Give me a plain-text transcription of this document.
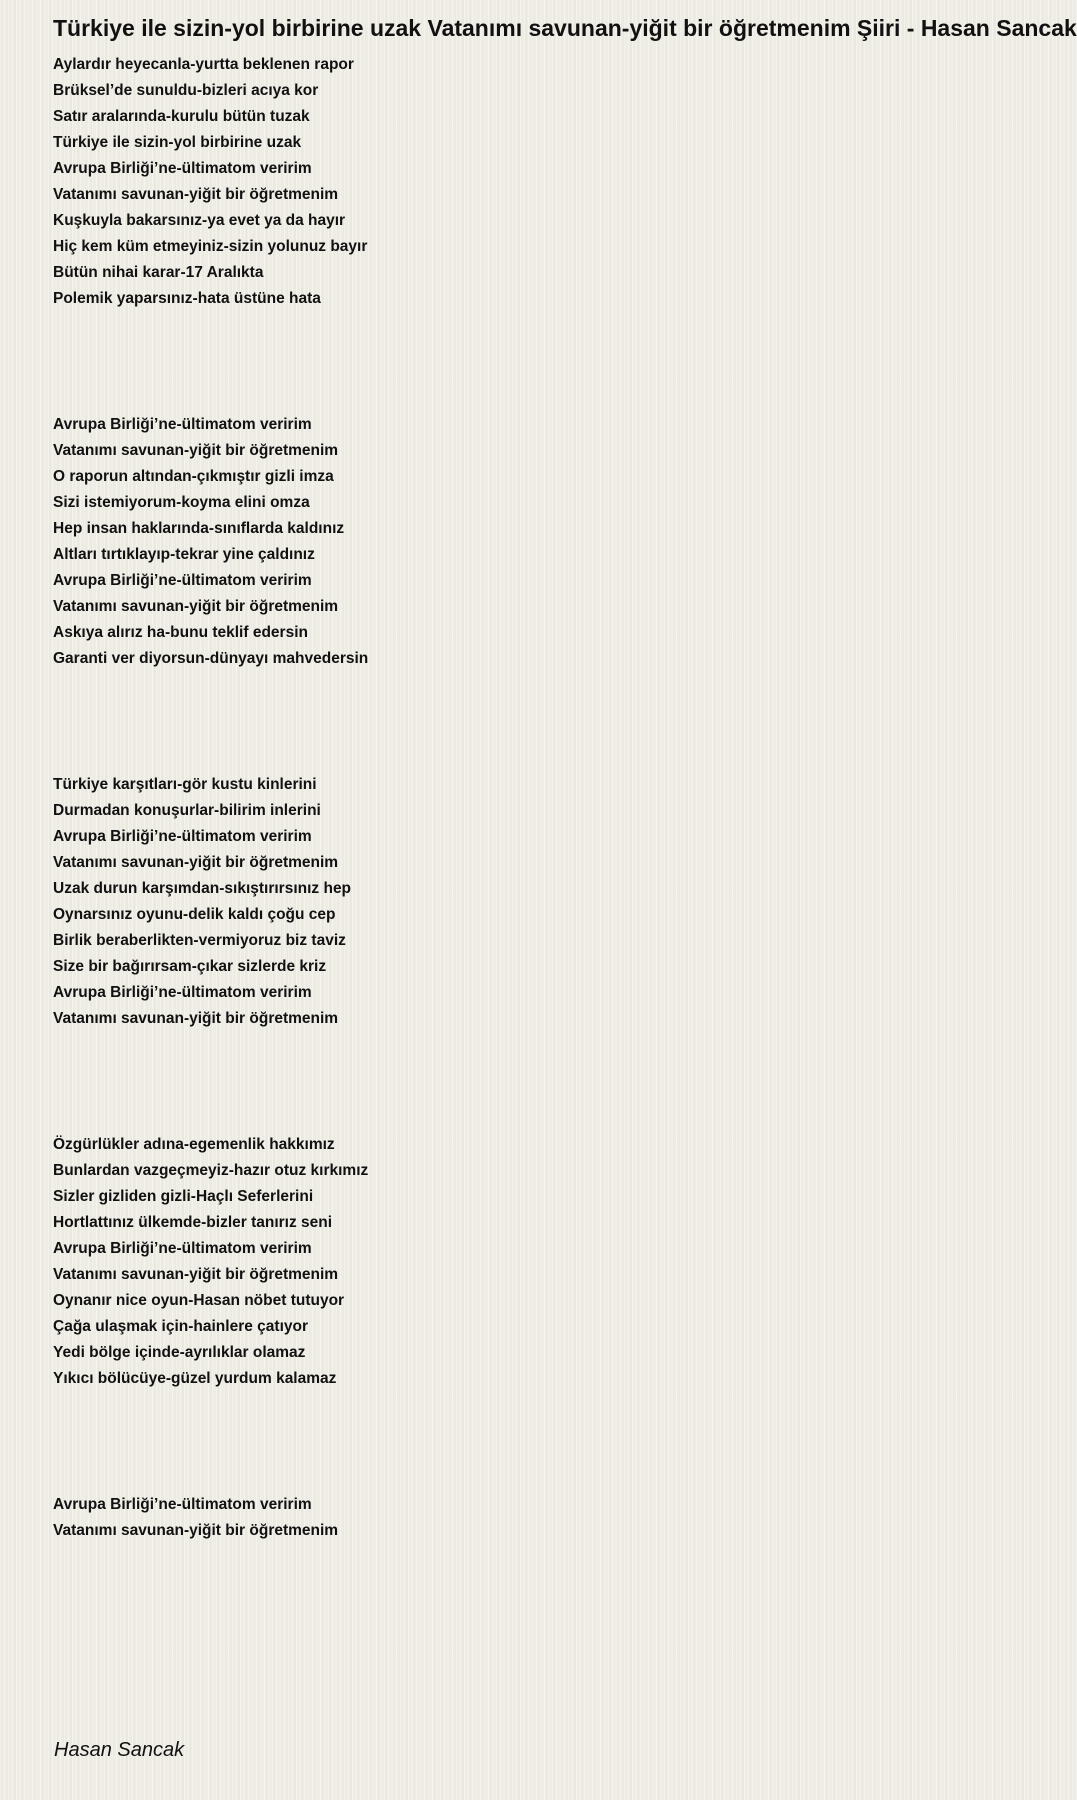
Türkiye ile sizin-yol birbirine uzak Vatanımı savunan-yiğit bir öğretmenim Şiiri - Hasan Sancak
Aylardır heyecanla-yurtta beklenen rapor
Brüksel’de sunuldu-bizleri acıya kor
Satır aralarında-kurulu bütün tuzak
Türkiye ile sizin-yol birbirine uzak
Avrupa Birliği’ne-ültimatom veririm
Vatanımı savunan-yiğit bir öğretmenim
Kuşkuyla bakarsınız-ya evet ya da hayır
Hiç kem küm etmeyiniz-sizin yolunuz bayır
Bütün nihai karar-17 Aralıkta
Polemik yaparsınız-hata üstüne hata
Avrupa Birliği’ne-ültimatom veririm
Vatanımı savunan-yiğit bir öğretmenim
O raporun altından-çıkmıştır gizli imza
Sizi istemiyorum-koyma elini omza
Hep insan haklarında-sınıflarda kaldınız
Altları tırtıklayıp-tekrar yine çaldınız
Avrupa Birliği’ne-ültimatom veririm
Vatanımı savunan-yiğit bir öğretmenim
Askıya alırız ha-bunu teklif edersin
Garanti ver diyorsun-dünyayı mahvedersin
Türkiye karşıtları-gör kustu kinlerini
Durmadan konuşurlar-bilirim inlerini
Avrupa Birliği’ne-ültimatom veririm
Vatanımı savunan-yiğit bir öğretmenim
Uzak durun karşımdan-sıkıştırırsınız hep
Oynarsınız oyunu-delik kaldı çoğu cep
Birlik beraberlikten-vermiyoruz biz taviz
Size bir bağırırsam-çıkar sizlerde kriz
Avrupa Birliği’ne-ültimatom veririm
Vatanımı savunan-yiğit bir öğretmenim
Özgürlükler adına-egemenlik hakkımız
Bunlardan vazgeçmeyiz-hazır otuz kırkımız
Sizler gizliden gizli-Haçlı Seferlerini
Hortlattınız ülkemde-bizler tanırız seni
Avrupa Birliği’ne-ültimatom veririm
Vatanımı savunan-yiğit bir öğretmenim
Oynanır nice oyun-Hasan nöbet tutuyor
Çağa ulaşmak için-hainlere çatıyor
Yedi bölge içinde-ayrılıklar olamaz
Yıkıcı bölücüye-güzel yurdum kalamaz
Avrupa Birliği’ne-ültimatom veririm
Vatanımı savunan-yiğit bir öğretmenim
Hasan Sancak
